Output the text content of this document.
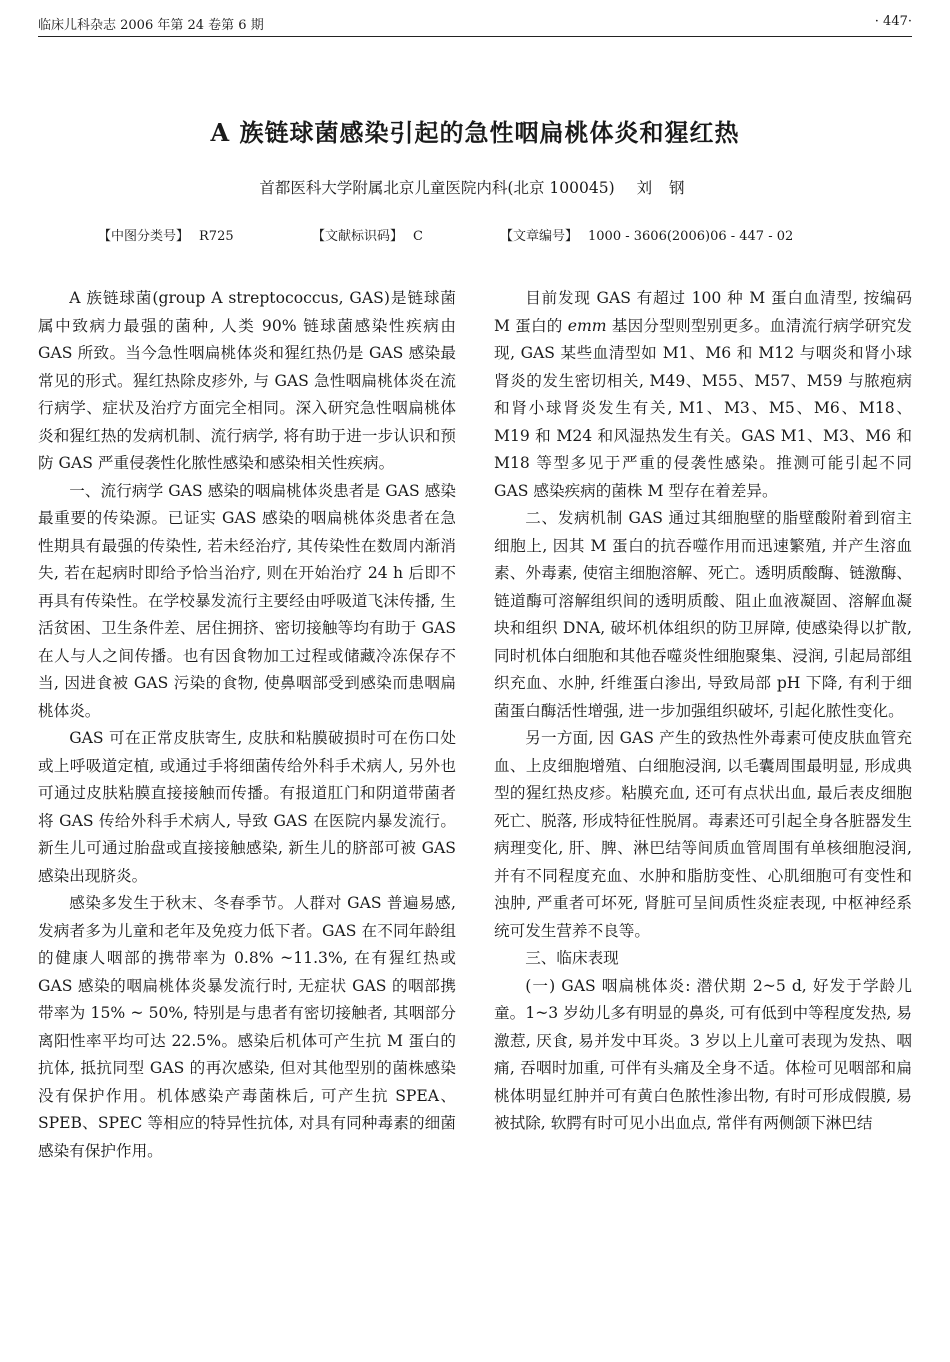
临床儿科杂志 2006 年第 24 卷第 6 期	· 447·
A 族链球菌感染引起的急性咽扁桃体炎和猩红热
首都医科大学附属北京儿童医院内科(北京 100045) 刘 钢
【中图分类号】 R725	【文献标识码】 C	【文章编号】 1000 - 3606(2006)06 - 447 - 02

A 族链球菌(group A streptococcus, GAS)是链球菌属中致病力最强的菌种, 人类 90% 链球菌感染性疾病由 GAS 所致。当今急性咽扁桃体炎和猩红热仍是 GAS 感染最常见的形式。猩红热除皮疹外, 与 GAS 急性咽扁桃体炎在流行病学、症状及治疗方面完全相同。深入研究急性咽扁桃体炎和猩红热的发病机制、流行病学, 将有助于进一步认识和预防 GAS 严重侵袭性化脓性感染和感染相关性疾病。

一、流行病学 GAS 感染的咽扁桃体炎患者是 GAS 感染最重要的传染源。已证实 GAS 感染的咽扁桃体炎患者在急性期具有最强的传染性, 若未经治疗, 其传染性在数周内渐消失, 若在起病时即给予恰当治疗, 则在开始治疗 24 h 后即不再具有传染性。在学校暴发流行主要经由呼吸道飞沫传播, 生活贫困、卫生条件差、居住拥挤、密切接触等均有助于 GAS 在人与人之间传播。也有因食物加工过程或储藏冷冻保存不当, 因进食被 GAS 污染的食物, 使鼻咽部受到感染而患咽扁桃体炎。

GAS 可在正常皮肤寄生, 皮肤和粘膜破损时可在伤口处或上呼吸道定植, 或通过手将细菌传给外科手术病人, 另外也可通过皮肤粘膜直接接触而传播。有报道肛门和阴道带菌者将 GAS 传给外科手术病人, 导致 GAS 在医院内暴发流行。新生儿可通过胎盘或直接接触感染, 新生儿的脐部可被 GAS 感染出现脐炎。

感染多发生于秋末、冬春季节。人群对 GAS 普遍易感, 发病者多为儿童和老年及免疫力低下者。GAS 在不同年龄组的健康人咽部的携带率为 0.8% ~11.3%, 在有猩红热或 GAS 感染的咽扁桃体炎暴发流行时, 无症状 GAS 的咽部携带率为 15% ~ 50%, 特别是与患者有密切接触者, 其咽部分离阳性率平均可达 22.5%。感染后机体可产生抗 M 蛋白的抗体, 抵抗同型 GAS 的再次感染, 但对其他型别的菌株感染没有保护作用。机体感染产毒菌株后, 可产生抗 SPEA、SPEB、SPEC 等相应的特异性抗体, 对具有同种毒素的细菌感染有保护作用。

目前发现 GAS 有超过 100 种 M 蛋白血清型, 按编码 M 蛋白的 emm 基因分型则型别更多。血清流行病学研究发现, GAS 某些血清型如 M1、M6 和 M12 与咽炎和肾小球肾炎的发生密切相关, M49、M55、M57、M59 与脓疱病和肾小球肾炎发生有关, M1、M3、M5、M6、M18、M19 和 M24 和风湿热发生有关。GAS M1、M3、M6 和 M18 等型多见于严重的侵袭性感染。推测可能引起不同 GAS 感染疾病的菌株 M 型存在着差异。

二、发病机制 GAS 通过其细胞壁的脂壁酸附着到宿主细胞上, 因其 M 蛋白的抗吞噬作用而迅速繁殖, 并产生溶血素、外毒素, 使宿主细胞溶解、死亡。透明质酸酶、链激酶、链道酶可溶解组织间的透明质酸、阻止血液凝固、溶解血凝块和组织 DNA, 破坏机体组织的防卫屏障, 使感染得以扩散, 同时机体白细胞和其他吞噬炎性细胞聚集、浸润, 引起局部组织充血、水肿, 纤维蛋白渗出, 导致局部 pH 下降, 有利于细菌蛋白酶活性增强, 进一步加强组织破坏, 引起化脓性变化。

另一方面, 因 GAS 产生的致热性外毒素可使皮肤血管充血、上皮细胞增殖、白细胞浸润, 以毛囊周围最明显, 形成典型的猩红热皮疹。粘膜充血, 还可有点状出血, 最后表皮细胞死亡、脱落, 形成特征性脱屑。毒素还可引起全身各脏器发生病理变化, 肝、脾、淋巴结等间质血管周围有单核细胞浸润, 并有不同程度充血、水肿和脂肪变性、心肌细胞可有变性和浊肿, 严重者可坏死, 肾脏可呈间质性炎症表现, 中枢神经系统可发生营养不良等。

三、临床表现

(一) GAS 咽扁桃体炎: 潜伏期 2~5 d, 好发于学龄儿童。1~3 岁幼儿多有明显的鼻炎, 可有低到中等程度发热, 易激惹, 厌食, 易并发中耳炎。3 岁以上儿童可表现为发热、咽痛, 吞咽时加重, 可伴有头痛及全身不适。体检可见咽部和扁桃体明显红肿并可有黄白色脓性渗出物, 有时可形成假膜, 易被拭除, 软腭有时可见小出血点, 常伴有两侧颌下淋巴结
